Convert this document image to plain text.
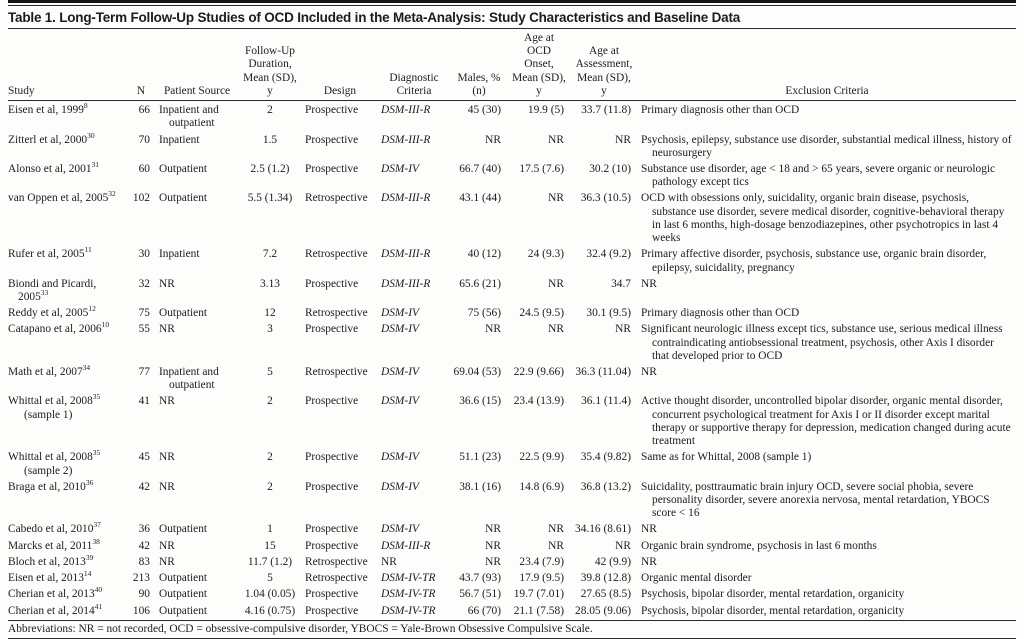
Table 1. Long-Term Follow-Up Studies of OCD Included in the Meta-Analysis: Study Characteristics and Baseline Data
Study	N	Patient Source	Follow-Up Duration, Mean (SD), y	Design	Diagnostic Criteria	Males, % (n)	Age at OCD Onset, Mean (SD), y	Age at Assessment, Mean (SD), y	Exclusion Criteria
Eisen et al, 1999$^8$	66	Inpatient and outpatient	2	Prospective	DSM-III-R	45 (30)	19.9 (5)	33.7 (11.8)	Primary diagnosis other than OCD
Zitterl et al, 2000$^{30}$	70	Inpatient	1.5	Prospective	DSM-III-R	NR	NR	NR	Psychosis, epilepsy, substance use disorder, substantial medical illness, history of neurosurgery
Alonso et al, 2001$^{31}$	60	Outpatient	2.5 (1.2)	Prospective	DSM-IV	66.7 (40)	17.5 (7.6)	30.2 (10)	Substance use disorder, age < 18 and > 65 years, severe organic or neurologic pathology except tics
van Oppen et al, 2005$^{32}$	102	Outpatient	5.5 (1.34)	Retrospective	DSM-III-R	43.1 (44)	NR	36.3 (10.5)	OCD with obsessions only, suicidality, organic brain disease, psychosis, substance use disorder, severe medical disorder, cognitive-behavioral therapy in last 6 months, high-dosage benzodiazepines, other psychotropics in last 4 weeks
Rufer et al, 2005$^{11}$	30	Inpatient	7.2	Retrospective	DSM-III-R	40 (12)	24 (9.3)	32.4 (9.2)	Primary affective disorder, psychosis, substance use, organic brain disorder, epilepsy, suicidality, pregnancy
Biondi and Picardi, 2005$^{33}$	32	NR	3.13	Prospective	DSM-III-R	65.6 (21)	NR	34.7	NR
Reddy et al, 2005$^{12}$	75	Outpatient	12	Retrospective	DSM-IV	75 (56)	24.5 (9.5)	30.1 (9.5)	Primary diagnosis other than OCD
Catapano et al, 2006$^{10}$	55	NR	3	Prospective	DSM-IV	NR	NR	NR	Significant neurologic illness except tics, substance use, serious medical illness contraindicating antiobsessional treatment, psychosis, other Axis I disorder that developed prior to OCD
Math et al, 2007$^{34}$	77	Inpatient and outpatient	5	Retrospective	DSM-IV	69.04 (53)	22.9 (9.66)	36.3 (11.04)	NR
Whittal et al, 2008$^{35}$
(sample 1)	41	NR	2	Prospective	DSM-IV	36.6 (15)	23.4 (13.9)	36.1 (11.4)	Active thought disorder, uncontrolled bipolar disorder, organic mental disorder, concurrent psychological treatment for Axis I or II disorder except marital therapy or supportive therapy for depression, medication changed during acute treatment
Whittal et al, 2008$^{35}$
(sample 2)	45	NR	2	Prospective	DSM-IV	51.1 (23)	22.5 (9.9)	35.4 (9.82)	Same as for Whittal, 2008 (sample 1)
Braga et al, 2010$^{36}$	42	NR	2	Prospective	DSM-IV	38.1 (16)	14.8 (6.9)	36.8 (13.2)	Suicidality, posttraumatic brain injury OCD, severe social phobia, severe personality disorder, severe anorexia nervosa, mental retardation, YBOCS score < 16
Cabedo et al, 2010$^{37}$	36	Outpatient	1	Prospective	DSM-IV	NR	NR	34.16 (8.61)	NR
Marcks et al, 2011$^{38}$	42	NR	15	Prospective	DSM-III-R	NR	NR	NR	Organic brain syndrome, psychosis in last 6 months
Bloch et al, 2013$^{39}$	83	NR	11.7 (1.2)	Retrospective	NR	NR	23.4 (7.9)	42 (9.9)	NR
Eisen et al, 2013$^{14}$	213	Outpatient	5	Retrospective	DSM-IV-TR	43.7 (93)	17.9 (9.5)	39.8 (12.8)	Organic mental disorder
Cherian et al, 2013$^{40}$	90	Outpatient	1.04 (0.05)	Prospective	DSM-IV-TR	56.7 (51)	19.7 (7.01)	27.65 (8.5)	Psychosis, bipolar disorder, mental retardation, organicity
Cherian et al, 2014$^{41}$	106	Outpatient	4.16 (0.75)	Prospective	DSM-IV-TR	66 (70)	21.1 (7.58)	28.05 (9.06)	Psychosis, bipolar disorder, mental retardation, organicity
Abbreviations: NR = not recorded, OCD = obsessive-compulsive disorder, YBOCS = Yale-Brown Obsessive Compulsive Scale.
